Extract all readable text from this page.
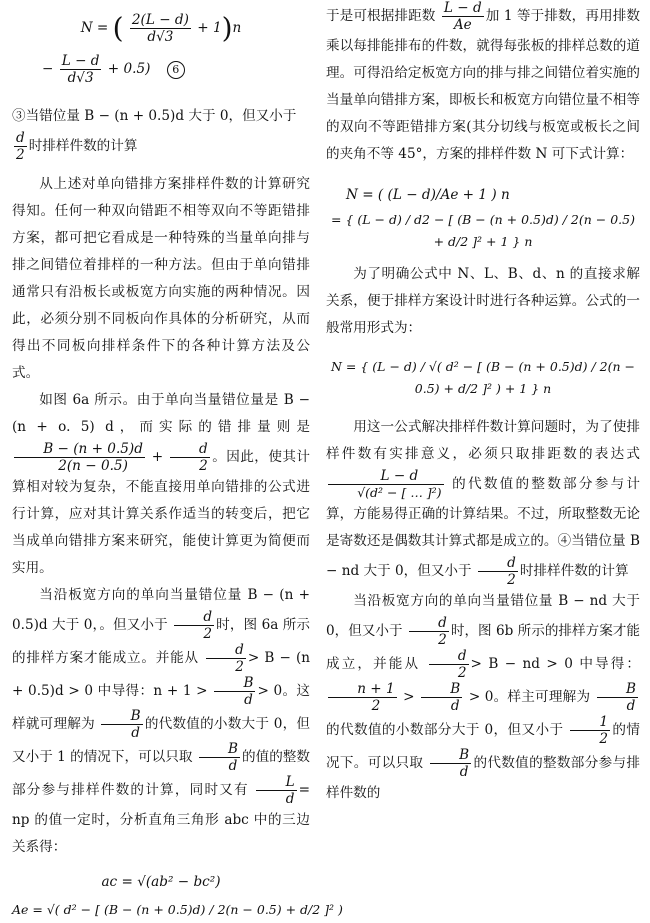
N = ( $\frac{2(L - d)}{d√3} + 1)n$
− $\frac{L - d}{d√3} + 0.5$) 6

③当错位量 B − (n + 0.5)d 大于 0，但又小于

$\frac{d}{2}$ 时排样件数的计算

从上述对单向错排方案排样件数的计算研究得知。任何一种双向错距不相等双向不等距错排方案，都可把它看成是一种特殊的当量单向排与排之间错位着排样的一种方法。但由于单向错排通常只有沿板长或板宽方向实施的两种情况。因此，必须分别不同板向作具体的分析研究，从而得出不同板向排样条件下的各种计算方法及公式。

如图 6a 所示。由于单向当量错位量是 B − (n + o. 5) d，而实际的错排量则是
$\frac{B - (n + 0.5)d}{2(n - 0.5)} + \frac{d}{2}$ 。因此，使其计算相对较为复杂，不能直接用单向错排的公式进行计算，应对其计算关系作适当的转变后，把它当成单向错排方案来研究，能使计算更为简便而实用。

当沿板宽方向的单向当量错位量 B − (n + 0.5)d 大于 0，。但又小于 $\frac{d}{2}$ 时，图 6a 所示的排样方案才能成立。并能从 $\frac{d}{2} > B - (n + 0.5)d > 0$ 中导得：$n + 1 > \frac{B}{d} > 0$。这样就可理解为 $\frac{B}{d}$ 的代数值的小数大于 0，但又小于 1 的情况下，可以只取 $\frac{B}{d}$ 的值的整数部分参与排样件数的计算，同时又有 $\frac{L}{d}$ = np 的值一定时，分析直角三角形 abc 中的三边关系得：

ac = √(ab² − bc²)
Ae = √( d² − [ (B − (n + 0.5)d) / 2(n − 0.5) + d/2 ]² )

于是可根据排距数 $\frac{L - d}{Ae}$ 加 1 等于排数，再用排数乘以每排能排布的件数，就得每张板的排样总数的道理。可得沿给定板宽方向的排与排之间错位着实施的当量单向错排方案，即板长和板宽方向错位量不相等的双向不等距错排方案(其分切线与板宽或板长之间的夹角不等 45°，方案的排样件数 N 可下式计算：

N = ( (L − d)/Ae + 1 ) n
= { (L − d) / d2 − [ (B − (n + 0.5)d) / 2(n − 0.5) + d/2 ]² + 1 } n

为了明确公式中 N、L、B、d、n 的直接求解关系，便于排样方案设计时进行各种运算。公式的一般常用形式为：

N = { (L − d) / √( d² − [ (B − (n + 0.5)d) / 2(n − 0.5) + d/2 ]² ) + 1 } n

用这一公式解决排样件数计算问题时，为了使排样件数有实排意义，必须只取排距数的表达式
$\frac{L - d}{\text{√(d² − [ … ]²)}}$ 的代数值的整数部分参与计算，方能易得正确的计算结果。不过，所取整数无论是寄数还是偶数其计算式都是成立的。④当错位量 B − nd 大于 0，但又小于 $\frac{d}{2}$ 时排样件数的计算

当沿板宽方向的单向当量错位量 B − nd 大于 0，但又小于 $\frac{d}{2}$ 时，图 6b 所示的排样方案才能成立，并能从 $\frac{d}{2} > B$ − nd > 0 中导得：
$\frac{n + 1}{2} > \frac{B}{d} > 0$。样主可理解为 $\frac{B}{d}$
的代数值的小数部分大于 0，但又小于 $\frac{1}{2}$ 的情况下。可以只取 $\frac{B}{d}$ 的代数值的整数部分参与排样件数的
